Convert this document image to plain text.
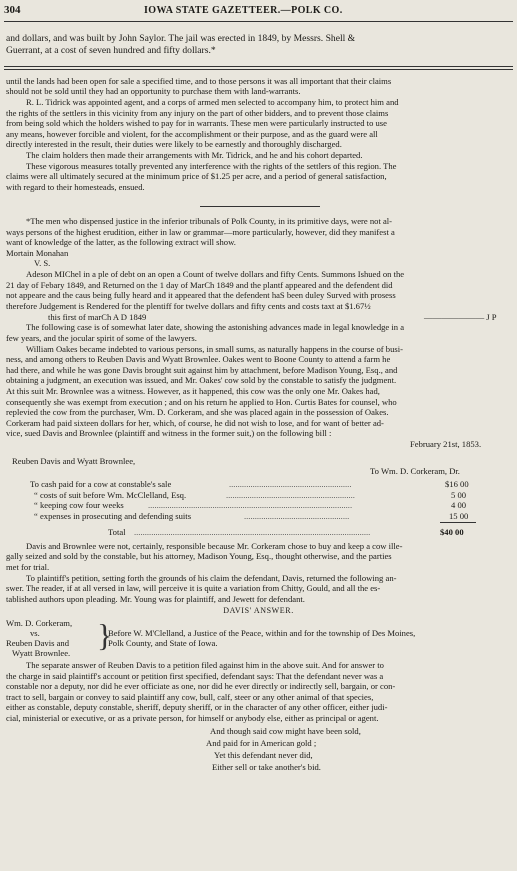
304	IOWA STATE GAZETTEER.—POLK CO.
and dollars, and was built by John Saylor. The jail was erected in 1849, by Messrs. Shell &
Guerrant, at a cost of seven hundred and fifty dollars.*
until the lands had been open for sale a specified time, and to those persons it was all important that their claims
should not be sold until they had an opportunity to purchase them with land-warrants.
R. L. Tidrick was appointed agent, and a corps of armed men selected to accompany him, to protect him and
the rights of the settlers in this vicinity from any injury on the part of other bidders, and to prevent those claims
from being sold which the holders wished to pay for in warrants. These men were particularly instructed to use
any means, however forcible and violent, for the accomplishment or their purpose, and as the guard were all
directly interested in the result, their duties were likely to be earnestly and thoroughly discharged.
The claim holders then made their arrangements with Mr. Tidrick, and he and his cohort departed.
These vigorous measures totally prevented any interference with the rights of the settlers of this region. The
claims were all ultimately secured at the minimum price of $1.25 per acre, and a period of general satisfaction,
with regard to their homesteads, ensued.
*The men who dispensed justice in the inferior tribunals of Polk County, in its primitive days, were not al-
ways persons of the highest erudition, either in law or grammar—more particularly, however, did they manifest a
want of knowledge of the latter, as the following extract will show.
Mortain Monahan
V. S.
Adeson MIChel in a ple of debt on an open a Count of twelve dollars and fifty Cents. Summons Ishued on the
21 day of Febary 1849, and Returned on the 1 day of MarCh 1849 and the plantf appeared and the defendent did
not appeare and the caus being fully heard and it appeared that the defendent haS been duley Surved with prosess
therefore Judgement is Rendered for the plentiff for twelve dollars and fifty cents and costs taxt at $1.67½
this first of marCh A D 1849	——————— J P
The following case is of somewhat later date, showing the astonishing advances made in legal knowledge in a
few years, and the jocular spirit of some of the lawyers.
William Oakes became indebted to various persons, in small sums, as naturally happens in the course of busi-
ness, and among others to Reuben Davis and Wyatt Brownlee. Oakes went to Boone County to attend a farm he
had there, and while he was gone Davis brought suit against him by attachment, before Madison Young, Esq., and
obtaining a judgment, an execution was issued, and Mr. Oakes' cow sold by the constable to satisfy the judgment.
At this suit Mr. Brownlee was a witness. However, as it happened, this cow was the only one Mr. Oakes had,
consequently she was exempt from execution ; and on his return he applied to Hon. Curtis Bates for counsel, who
replevied the cow from the purchaser, Wm. D. Corkeram, and she was placed again in the possession of Oakes.
Corkeram had paid sixteen dollars for her, which, of course, he did not wish to lose, and for want of better ad-
vice, sued Davis and Brownlee (plaintiff and witness in the former suit,) on the following bill :
February 21st, 1853.
Reuben Davis and Wyatt Brownlee,
To Wm. D. Corkeram, Dr.
To cash paid for a cow at constable's sale	.........................................................	$16 00
“ costs of suit before Wm. McClelland, Esq.	............................................................	5 00
“ keeping cow four weeks	...............................................................................................	4 00
“ expenses in prosecuting and defending suits	.................................................	15 00
Total ..............................................................................................................	$40 00
Davis and Brownlee were not, certainly, responsible because Mr. Corkeram chose to buy and keep a cow ille-
gally seized and sold by the constable, but his attorney, Madison Young, Esq., thought otherwise, and the parties
met for trial.
To plaintiff's petition, setting forth the grounds of his claim the defendant, Davis, returned the following an-
swer. The reader, if at all versed in law, will perceive it is quite a variation from Chitty, Gould, and all the es-
tablished authors upon pleading. Mr. Young was for plaintiff, and Jewett for defendant.
DAVIS' ANSWER.
Wm. D. Corkeram,
vs.
Reuben Davis and
Wyatt Brownlee. }
Before W. M'Clelland, a Justice of the Peace, within and for the township of Des Moines,
Polk County, and State of Iowa.
The separate answer of Reuben Davis to a petition filed against him in the above suit. And for answer to
the charge in said plaintiff's account or petition first specified, defendant says: That the defendant never was a
constable nor a deputy, nor did he ever officiate as one, nor did he ever directly or indirectly sell, bargain, or con-
tract to sell, bargain or convey to said plaintiff any cow, bull, calf, steer or any other animal of that species,
either as constable, deputy constable, sheriff, deputy sheriff, or in the character of any other officer, either judi-
cial, ministerial or executive, or as a private person, for himself or anybody else, either as principal or agent.
And though said cow might have been sold,
And paid for in American gold ;
Yet this defendant never did,
Either sell or take another's bid.
